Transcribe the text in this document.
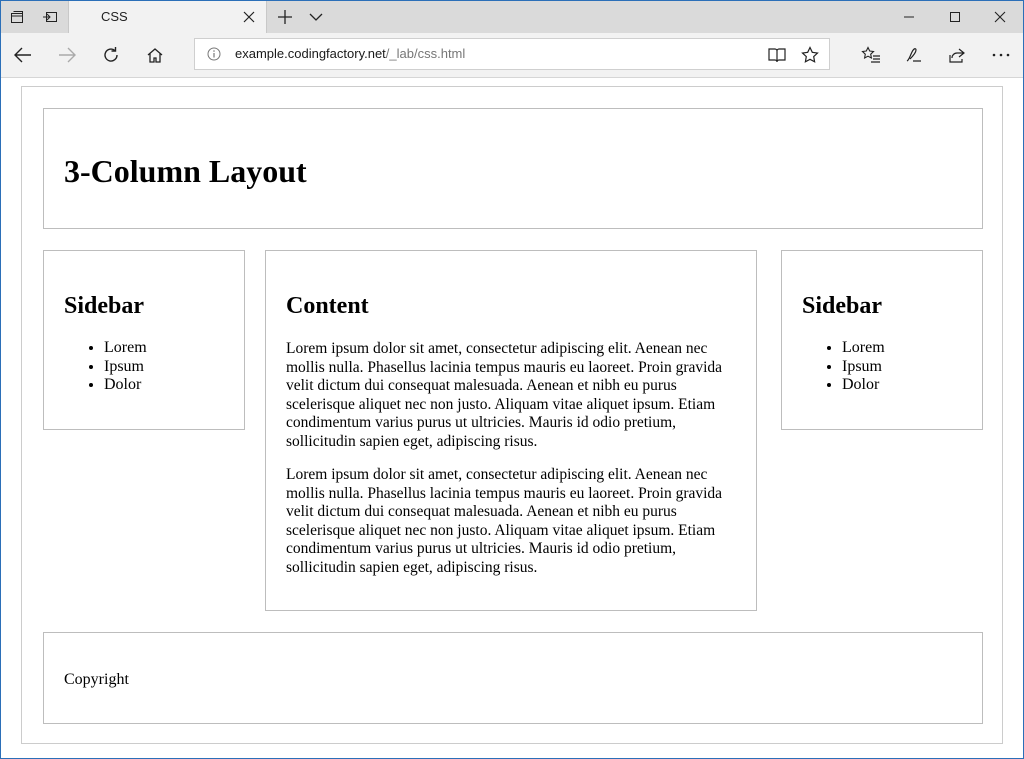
CSS
example.codingfactory.net/_lab/css.html
3-Column Layout
Sidebar
• Lorem
• Ipsum
• Dolor
Content

Lorem ipsum dolor sit amet, consectetur adipiscing elit. Aenean nec mollis nulla. Phasellus lacinia tempus mauris eu laoreet. Proin gravida velit dictum dui consequat malesuada. Aenean et nibh eu purus scelerisque aliquet nec non justo. Aliquam vitae aliquet ipsum. Etiam condimentum varius purus ut ultricies. Mauris id odio pretium, sollicitudin sapien eget, adipiscing risus.

Lorem ipsum dolor sit amet, consectetur adipiscing elit. Aenean nec mollis nulla. Phasellus lacinia tempus mauris eu laoreet. Proin gravida velit dictum dui consequat malesuada. Aenean et nibh eu purus scelerisque aliquet nec non justo. Aliquam vitae aliquet ipsum. Etiam condimentum varius purus ut ultricies. Mauris id odio pretium, sollicitudin sapien eget, adipiscing risus.

Sidebar
• Lorem
• Ipsum
• Dolor
Copyright
